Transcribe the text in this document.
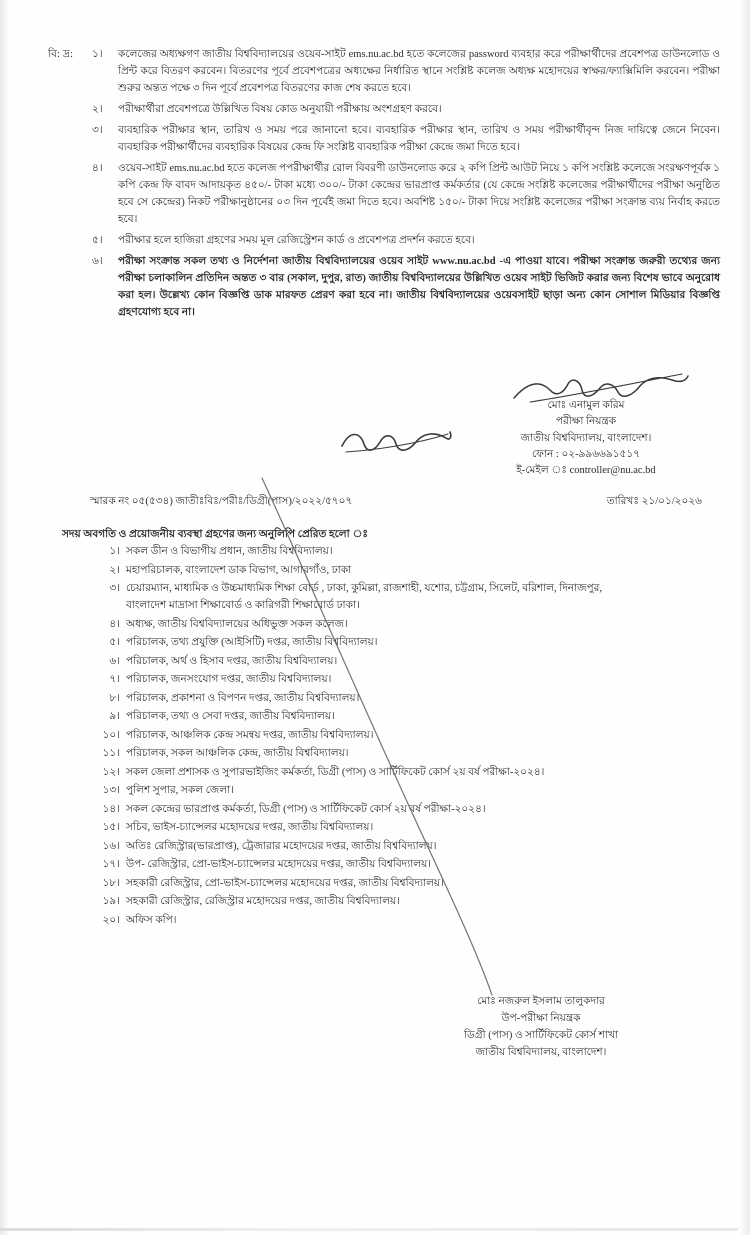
বি: দ্র:	১।	কলেজের অধ্যক্ষগণ জাতীয় বিশ্ববিদ্যালয়ের ওয়েব-সাইট ems.nu.ac.bd হতে কলেজের password ব্যবহার করে পরীক্ষার্থীদের প্রবেশপত্র ডাউনলোড ও প্রিন্ট করে বিতরণ করবেন। বিতরণের পূর্বে প্রবেশপত্রের অধ্যক্ষের নির্ধারিত স্থানে সংশ্লিষ্ট কলেজ অধ্যক্ষ মহোদয়ের স্বাক্ষর/ফ্যাক্সিমিলি করবেন। পরীক্ষা শুরুর অন্তত পক্ষে ৩ দিন পূর্বে প্রবেশপত্র বিতরণের কাজ শেষ করতে হবে।
২।	পরীক্ষার্থীরা প্রবেশপত্রে উল্লিখিত বিষয় কোড অনুযায়ী পরীক্ষায় অংশগ্রহণ করবে।
৩।	ব্যবহারিক পরীক্ষার স্থান, তারিখ ও সময় পরে জানানো হবে। ব্যবহারিক পরীক্ষার স্থান, তারিখ ও সময় পরীক্ষার্থীবৃন্দ নিজ দায়িত্বে জেনে নিবেন। ব্যবহারিক পরীক্ষার্থীদের ব্যবহারিক বিষয়ের কেন্দ্র ফি সংশ্লিষ্ট ব্যবহারিক পরীক্ষা কেন্দ্রে জমা দিতে হবে।
৪।	ওয়েব-সাইট ems.nu.ac.bd হতে কলেজ পপরীক্ষার্থীর রোল বিবরণী ডাউনলোড করে ২ কপি প্রিন্ট আউট নিয়ে ১ কপি সংশ্লিষ্ট কলেজে সংরক্ষণপূর্বক ১ কপি কেন্দ্র ফি বাবদ আদায়কৃত ৪৫০/- টাকা মধ্যে ৩০০/- টাকা কেন্দ্রের ভারপ্রাপ্ত কর্মকর্তার (যে কেন্দ্রে সংশ্লিষ্ট কলেজের পরীক্ষার্থীদের পরীক্ষা অনুষ্ঠিত হবে সে কেন্দ্রের) নিকট পরীক্ষানুষ্ঠানের ০৩ দিন পূর্বেই জমা দিতে হবে। অবশিষ্ট ১৫০/- টাকা দিয়ে সংশ্লিষ্ট কলেজের পরীক্ষা সংক্রান্ত ব্যয় নির্বাহ করতে হবে।
৫।	পরীক্ষার হলে হাজিরা গ্রহণের সময় মূল রেজিস্ট্রেশন কার্ড ও প্রবেশপত্র প্রদর্শন করতে হবে।
৬।	পরীক্ষা সংক্রান্ত সকল তথ্য ও নির্দেশনা জাতীয় বিশ্ববিদ্যালয়ের ওয়েব সাইট www.nu.ac.bd -এ পাওয়া যাবে। পরীক্ষা সংক্রান্ত জরুরী তথ্যের জন্য পরীক্ষা চলাকালিন প্রতিদিন অন্তত ৩ বার (সকাল, দুপুর, রাত) জাতীয় বিশ্ববিদ্যালয়ের উল্লিখিত ওয়েব সাইট ভিজিট করার জন্য বিশেষ ভাবে অনুরোধ করা হল। উল্লেখ্য কোন বিজ্ঞপ্তি ডাক মারফত প্রেরণ করা হবে না। জাতীয় বিশ্ববিদ্যালয়ের ওয়েবসাইট ছাড়া অন্য কোন সোশাল মিডিয়ার বিজ্ঞপ্তি গ্রহণযোগ্য হবে না।
মোঃ এনামুল করিম
পরীক্ষা নিয়ন্ত্রক
জাতীয় বিশ্ববিদ্যালয়, বাংলাদেশ।
ফোন : ০২-৯৯৬৬৯১৫১৭
ই-মেইল ঃ controller@nu.ac.bd
স্মারক নং ০৫(৫৩৪) জাতীঃবিঃ/পরীঃ/ডিগ্রী(পাস)/২০২২/৫৭০৭	তারিখঃ ২১/০১/২০২৬
সদয় অবগতি ও প্রয়োজনীয় ব্যবস্থা গ্রহণের জন্য অনুলিপি প্রেরিত হলো ঃ
১। সকল ডীন ও বিভাগীয় প্রধান, জাতীয় বিশ্ববিদ্যালয়।
২। মহাপরিচালক, বাংলাদেশ ডাক বিভাগ, আগারগাঁও, ঢাকা
৩। চেয়ারম্যান, মাধ্যমিক ও উচ্চমাধ্যমিক শিক্ষা বোর্ড , ঢাকা, কুমিল্লা, রাজশাহী, যশোর, চট্টগ্রাম, সিলেট, বরিশাল, দিনাজপুর,
বাংলাদেশ মাদ্রাসা শিক্ষাবোর্ড ও কারিগরী শিক্ষাবোর্ড ঢাকা।
৪। অধ্যক্ষ, জাতীয় বিশ্ববিদ্যালয়ের অধিভুক্ত সকল কলেজ।
৫। পরিচালক, তথ্য প্রযুক্তি (আইসিটি) দপ্তর, জাতীয় বিশ্ববিদ্যালয়।
৬। পরিচালক, অর্থ ও হিসাব দপ্তর, জাতীয় বিশ্ববিদ্যালয়।
৭। পরিচালক, জনসংযোগ দপ্তর, জাতীয় বিশ্ববিদ্যালয়।
৮। পরিচালক, প্রকাশনা ও বিপণন দপ্তর, জাতীয় বিশ্ববিদ্যালয়।
৯। পরিচালক, তথ্য ও সেবা দপ্তর, জাতীয় বিশ্ববিদ্যালয়।
১০। পরিচালক, আঞ্চলিক কেন্দ্র সমন্বয় দপ্তর, জাতীয় বিশ্ববিদ্যালয়।
১১। পরিচালক, সকল আঞ্চলিক কেন্দ্র, জাতীয় বিশ্ববিদ্যালয়।
১২। সকল জেলা প্রশাসক ও সুপারভাইজিং কর্মকর্তা, ডিগ্রী (পাস) ও সার্টিফিকেট কোর্স ২য় বর্ষ পরীক্ষা-২০২৪।
১৩। পুলিশ সুপার, সকল জেলা।
১৪। সকল কেন্দ্রের ভারপ্রাপ্ত কর্মকর্তা, ডিগ্রী (পাস) ও সার্টিফিকেট কোর্স ২য় বর্ষ পরীক্ষা-২০২৪।
১৫। সচিব, ভাইস-চ্যান্সেলর মহোদয়ের দপ্তর, জাতীয় বিশ্ববিদ্যালয়।
১৬। অতিঃ রেজিস্ট্রার(ভারপ্রাপ্ত), ট্রেজারার মহোদয়ের দপ্তর, জাতীয় বিশ্ববিদ্যালয়।
১৭। উপ- রেজিস্ট্রার, প্রো-ভাইস-চ্যান্সেলর মহোদয়ের দপ্তর, জাতীয় বিশ্ববিদ্যালয়।
১৮। সহকারী রেজিস্ট্রার, প্রো-ভাইস-চ্যান্সেলর মহোদয়ের দপ্তর, জাতীয় বিশ্ববিদ্যালয়।
১৯। সহকারী রেজিস্ট্রার, রেজিস্ট্রার মহোদয়ের দপ্তর, জাতীয় বিশ্ববিদ্যালয়।
২০। অফিস কপি।
মোঃ নজরুল ইসলাম তালুকদার
উপ-পরীক্ষা নিয়ন্ত্রক
ডিগ্রী (পাস) ও সার্টিফিকেট কোর্স শাখা
জাতীয় বিশ্ববিদ্যালয়, বাংলাদেশ।
